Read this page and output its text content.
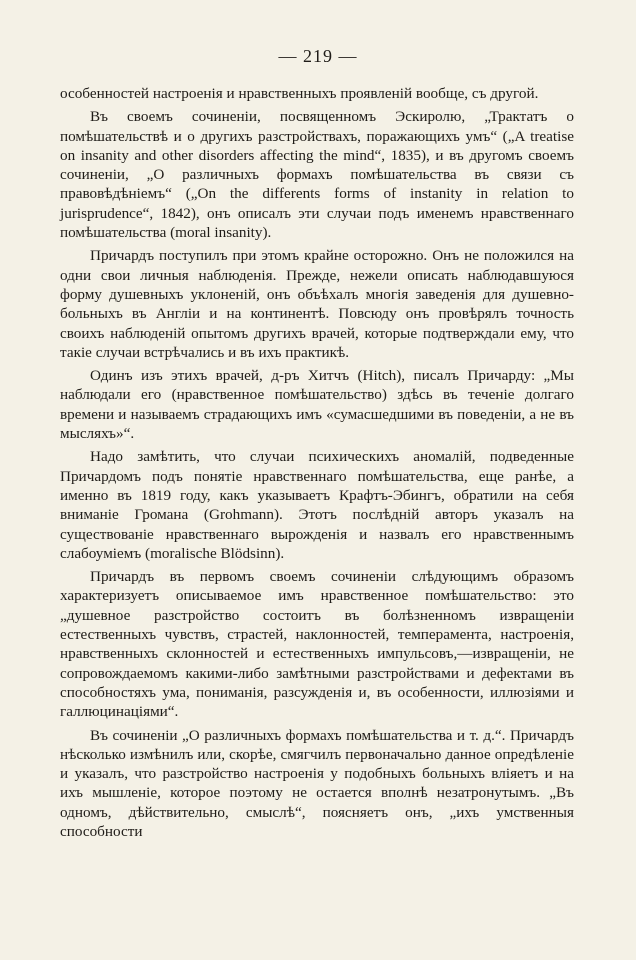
— 219 —

особенностей настроенія и нравственныхъ проявленій вообще, съ другой.

Въ своемъ сочиненіи, посвященномъ Эскиролю, „Трактатъ о помѣшательствѣ и о другихъ разстройствахъ, поражающихъ умъ“ („A treatise on insanity and other disorders affecting the mind“, 1835), и въ другомъ своемъ сочиненіи, „О различныхъ формахъ помѣшательства въ связи съ правовѣдѣніемъ“ („On the differents forms of instanity in relation to jurisprudence“, 1842), онъ описалъ эти случаи подъ именемъ нравственнаго помѣшательства (moral insanity).

Причардъ поступилъ при этомъ крайне осторожно. Онъ не положился на одни свои личныя наблюденія. Прежде, нежели описать наблюдавшуюся форму душевныхъ уклоненій, онъ объѣхалъ многія заведенія для душевно-больныхъ въ Англіи и на континентѣ. Повсюду онъ провѣрялъ точность своихъ наблюденій опытомъ другихъ врачей, которые подтверждали ему, что такіе случаи встрѣчались и въ ихъ практикѣ.

Одинъ изъ этихъ врачей, д-ръ Хитчъ (Hitch), писалъ Причарду: „Мы наблюдали его (нравственное помѣшательство) здѣсь въ теченіе долгаго времени и называемъ страдающихъ имъ «сумасшедшими въ поведеніи, а не въ мысляхъ»“.

Надо замѣтить, что случаи психическихъ аномалій, подведенные Причардомъ подъ понятіе нравственнаго помѣшательства, еще ранѣе, а именно въ 1819 году, какъ указываетъ Крафтъ-Эбингъ, обратили на себя вниманіе Громана (Grohmann). Этотъ послѣдній авторъ указалъ на существованіе нравственнаго вырожденія и назвалъ его нравственнымъ слабоуміемъ (moralische Blödsinn).

Причардъ въ первомъ своемъ сочиненіи слѣдующимъ образомъ характеризуетъ описываемое имъ нравственное помѣшательство: это „душевное разстройство состоитъ въ болѣзненномъ извращеніи естественныхъ чувствъ, страстей, наклонностей, темперамента, настроенія, нравственныхъ склонностей и естественныхъ импульсовъ,—извращеніи, не сопровождаемомъ какими-либо замѣтными разстройствами и дефектами въ способностяхъ ума, пониманія, разсужденія и, въ особенности, иллюзіями и галлюцинаціями“.

Въ сочиненіи „О различныхъ формахъ помѣшательства и т. д.“. Причардъ нѣсколько измѣнилъ или, скорѣе, смягчилъ первоначально данное опредѣленіе и указалъ, что разстройство настроенія у подобныхъ больныхъ вліяетъ и на ихъ мышленіе, которое поэтому не остается вполнѣ незатронутымъ. „Въ одномъ, дѣйствительно, смыслѣ“, поясняетъ онъ, „ихъ умственныя способности
